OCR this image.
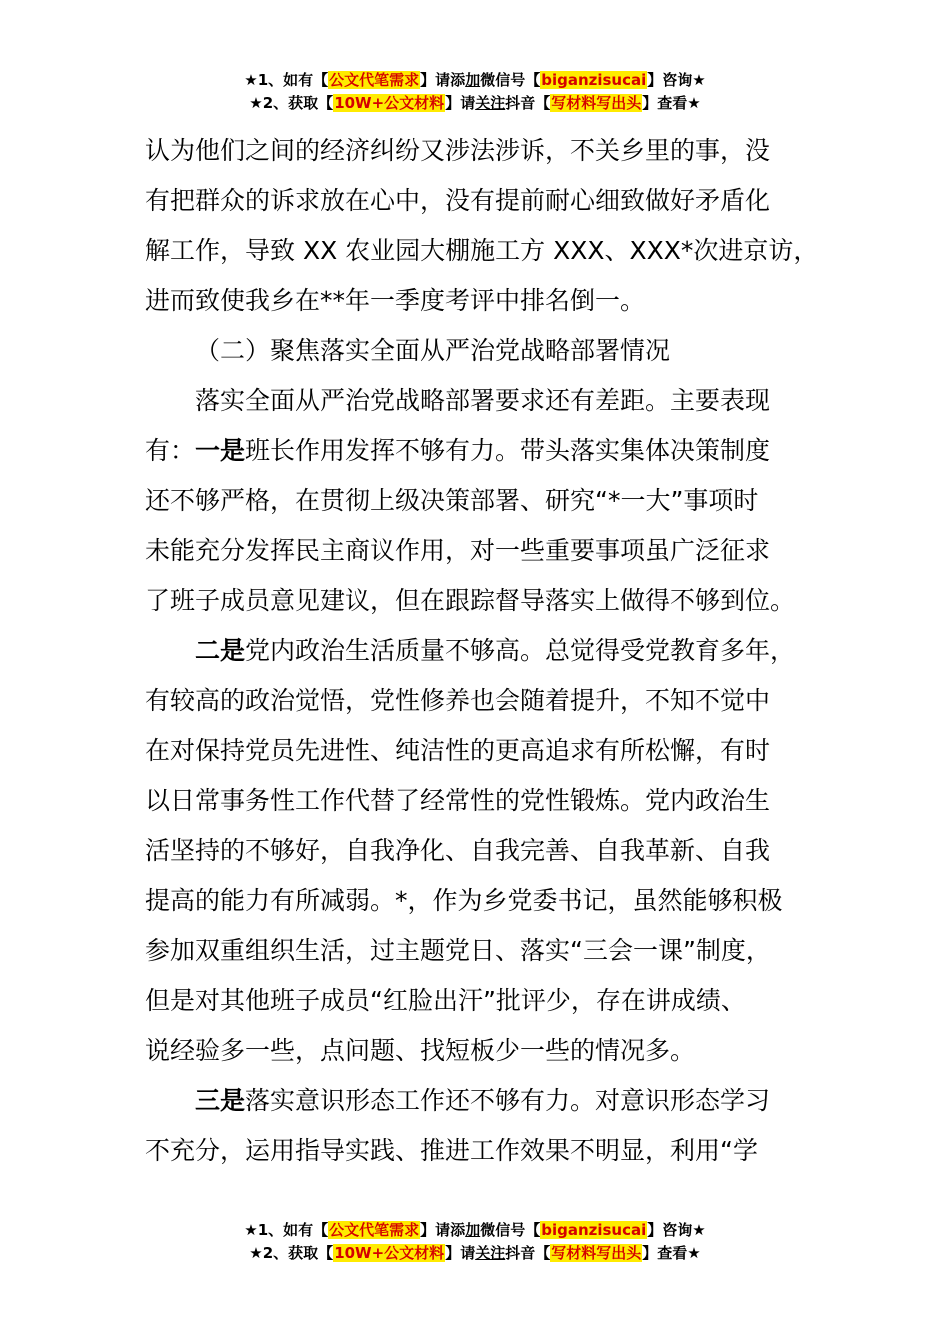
★1、如有【公文代笔需求】请添加微信号【biganzisucai】咨询★
★2、获取【10W+公文材料】请关注抖音【写材料写出头】查看★

认为他们之间的经济纠纷又涉法涉诉，不关乡里的事，没

有把群众的诉求放在心中，没有提前耐心细致做好矛盾化

解工作，导致 XX 农业园大棚施工方 XXX、XXX*次进京访，

进而致使我乡在**年一季度考评中排名倒一。

（二）聚焦落实全面从严治党战略部署情况

落实全面从严治党战略部署要求还有差距。主要表现

有：一是班长作用发挥不够有力。带头落实集体决策制度

还不够严格，在贯彻上级决策部署、研究“*一大”事项时

未能充分发挥民主商议作用，对一些重要事项虽广泛征求

了班子成员意见建议，但在跟踪督导落实上做得不够到位。

二是党内政治生活质量不够高。总觉得受党教育多年，

有较高的政治觉悟，党性修养也会随着提升，不知不觉中

在对保持党员先进性、纯洁性的更高追求有所松懈，有时

以日常事务性工作代替了经常性的党性锻炼。党内政治生

活坚持的不够好，自我净化、自我完善、自我革新、自我

提高的能力有所减弱。*，作为乡党委书记，虽然能够积极

参加双重组织生活，过主题党日、落实“三会一课”制度，

但是对其他班子成员“红脸出汗”批评少，存在讲成绩、

说经验多一些，点问题、找短板少一些的情况多。

三是落实意识形态工作还不够有力。对意识形态学习

不充分，运用指导实践、推进工作效果不明显，利用“学

★1、如有【公文代笔需求】请添加微信号【biganzisucai】咨询★
★2、获取【10W+公文材料】请关注抖音【写材料写出头】查看★
